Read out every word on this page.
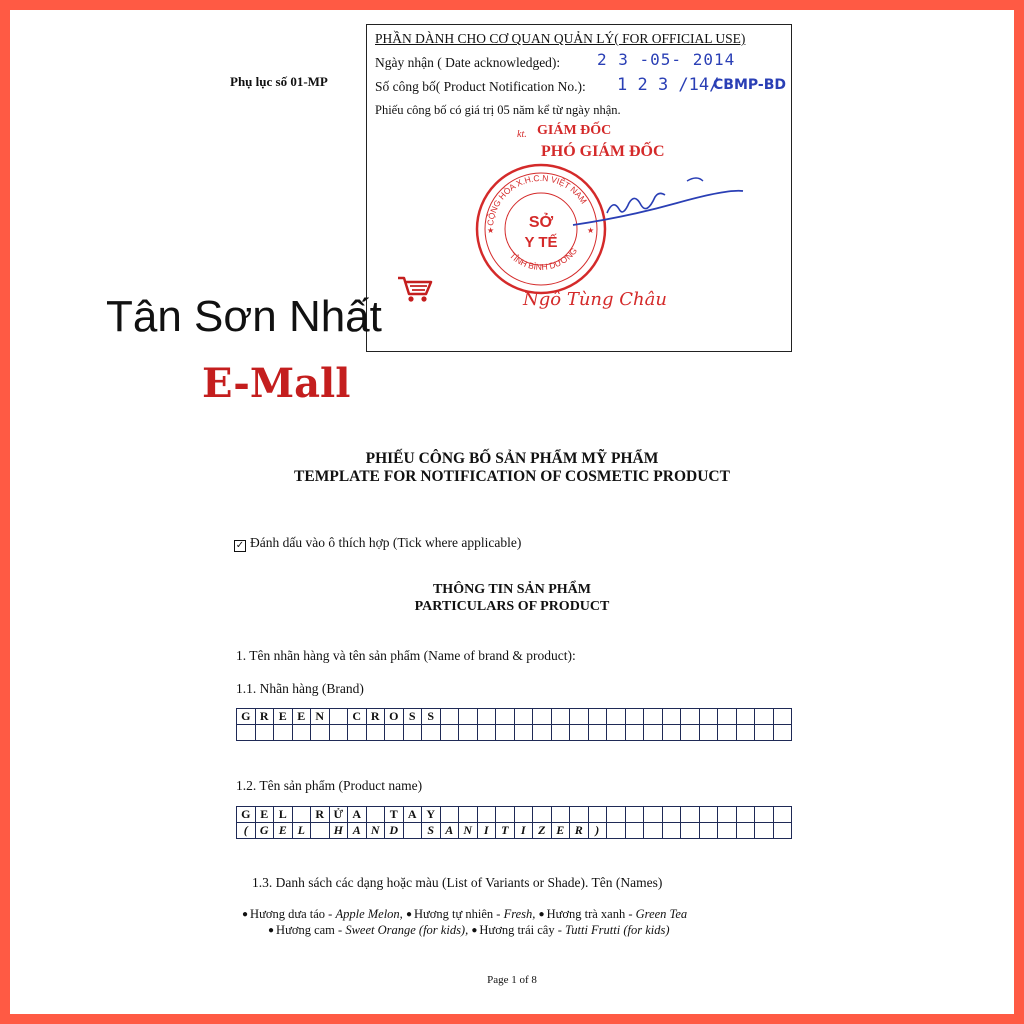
Phụ lục số 01-MP
PHẦN DÀNH CHO CƠ QUAN QUẢN LÝ( FOR OFFICIAL USE)
Ngày nhận ( Date acknowledged): 2 3 -05- 2014
Số công bố( Product Notification No.): 1 2 3 /14/
CBMP-BD
Phiếu công bố có giá trị 05 năm kể từ ngày nhận.
kt. GIÁM ĐỐC
PHÓ GIÁM ĐỐC
CỘNG HÒA X.H.C.N VIỆT NAM
TỈNH BÌNH DƯƠNG
SỞ
Y TẾ
★	★
Ngô Tùng Châu
Tân Sơn Nhất
E-Mall
PHIẾU CÔNG BỐ SẢN PHẨM MỸ PHẨM
TEMPLATE FOR NOTIFICATION OF COSMETIC PRODUCT
✓ Đánh dấu vào ô thích hợp (Tick where applicable)
THÔNG TIN SẢN PHẨM
PARTICULARS OF PRODUCT
1. Tên nhãn hàng và tên sản phẩm (Name of brand & product):
1.1. Nhãn hàng (Brand)
G	R	E	E	N		C	R	O	S	S																			

1.2. Tên sản phẩm (Product name)
G	E	L		R	Ử	A		T	A	Y																			
(	G	E	L		H	A	N	D		S	A	N	I	T	I	Z	E	R	)										
1.3. Danh sách các dạng hoặc màu (List of Variants or Shade). Tên (Names)
● Hương dưa táo - Apple Melon, ● Hương tự nhiên - Fresh, ● Hương trà xanh - Green Tea
● Hương cam - Sweet Orange (for kids), ● Hương trái cây - Tutti Frutti (for kids)
Page 1 of 8
